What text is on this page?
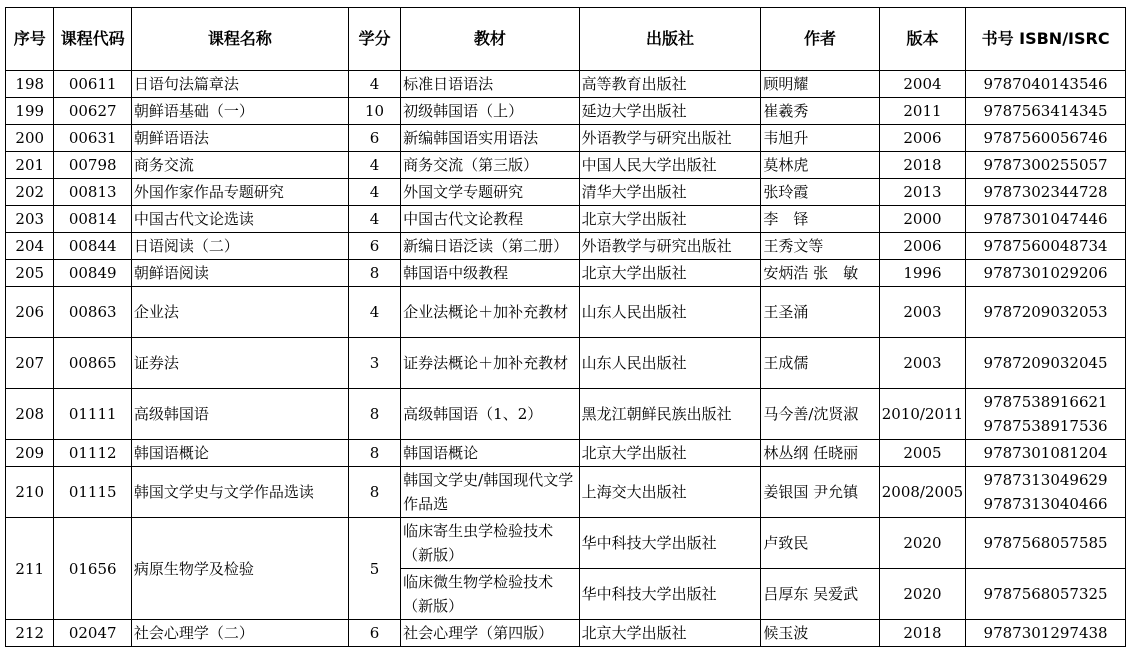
序号	课程代码	课程名称	学分	教材	出版社	作者	版本	书号 ISBN/ISRC
198	00611	日语句法篇章法	4	标准日语语法	高等教育出版社	顾明耀	2004	9787040143546
199	00627	朝鲜语基础（一）	10	初级韩国语（上）	延边大学出版社	崔羲秀	2011	9787563414345
200	00631	朝鲜语语法	6	新编韩国语实用语法	外语教学与研究出版社	韦旭升	2006	9787560056746
201	00798	商务交流	4	商务交流（第三版）	中国人民大学出版社	莫林虎	2018	9787300255057
202	00813	外国作家作品专题研究	4	外国文学专题研究	清华大学出版社	张玲霞	2013	9787302344728
203	00814	中国古代文论选读	4	中国古代文论教程	北京大学出版社	李　铎	2000	9787301047446
204	00844	日语阅读（二）	6	新编日语泛读（第二册）	外语教学与研究出版社	王秀文等	2006	9787560048734
205	00849	朝鲜语阅读	8	韩国语中级教程	北京大学出版社	安炳浩 张　敏	1996	9787301029206
206	00863	企业法	4	企业法概论＋加补充教材	山东人民出版社	王圣涌	2003	9787209032053
207	00865	证券法	3	证券法概论＋加补充教材	山东人民出版社	王成儒	2003	9787209032045
208	01111	高级韩国语	8	高级韩国语（1、2）	黑龙江朝鲜民族出版社	马今善/沈贤淑	2010/2011	9787538916621
9787538917536

209	01112	韩国语概论	8	韩国语概论	北京大学出版社	林丛纲 任晓丽	2005	9787301081204
210	01115	韩国文学史与文学作品选读	8	韩国文学史/韩国现代文学作品选	上海交大出版社	姜银国 尹允镇	2008/2005	9787313049629
9787313040466

211	01656	病原生物学及检验	5	临床寄生虫学检验技术（新版）	华中科技大学出版社	卢致民	2020	9787568057585
				临床微生物学检验技术（新版）	华中科技大学出版社	吕厚东 吴爱武	2020	9787568057325
212	02047	社会心理学（二）	6	社会心理学（第四版）	北京大学出版社	候玉波	2018	9787301297438
